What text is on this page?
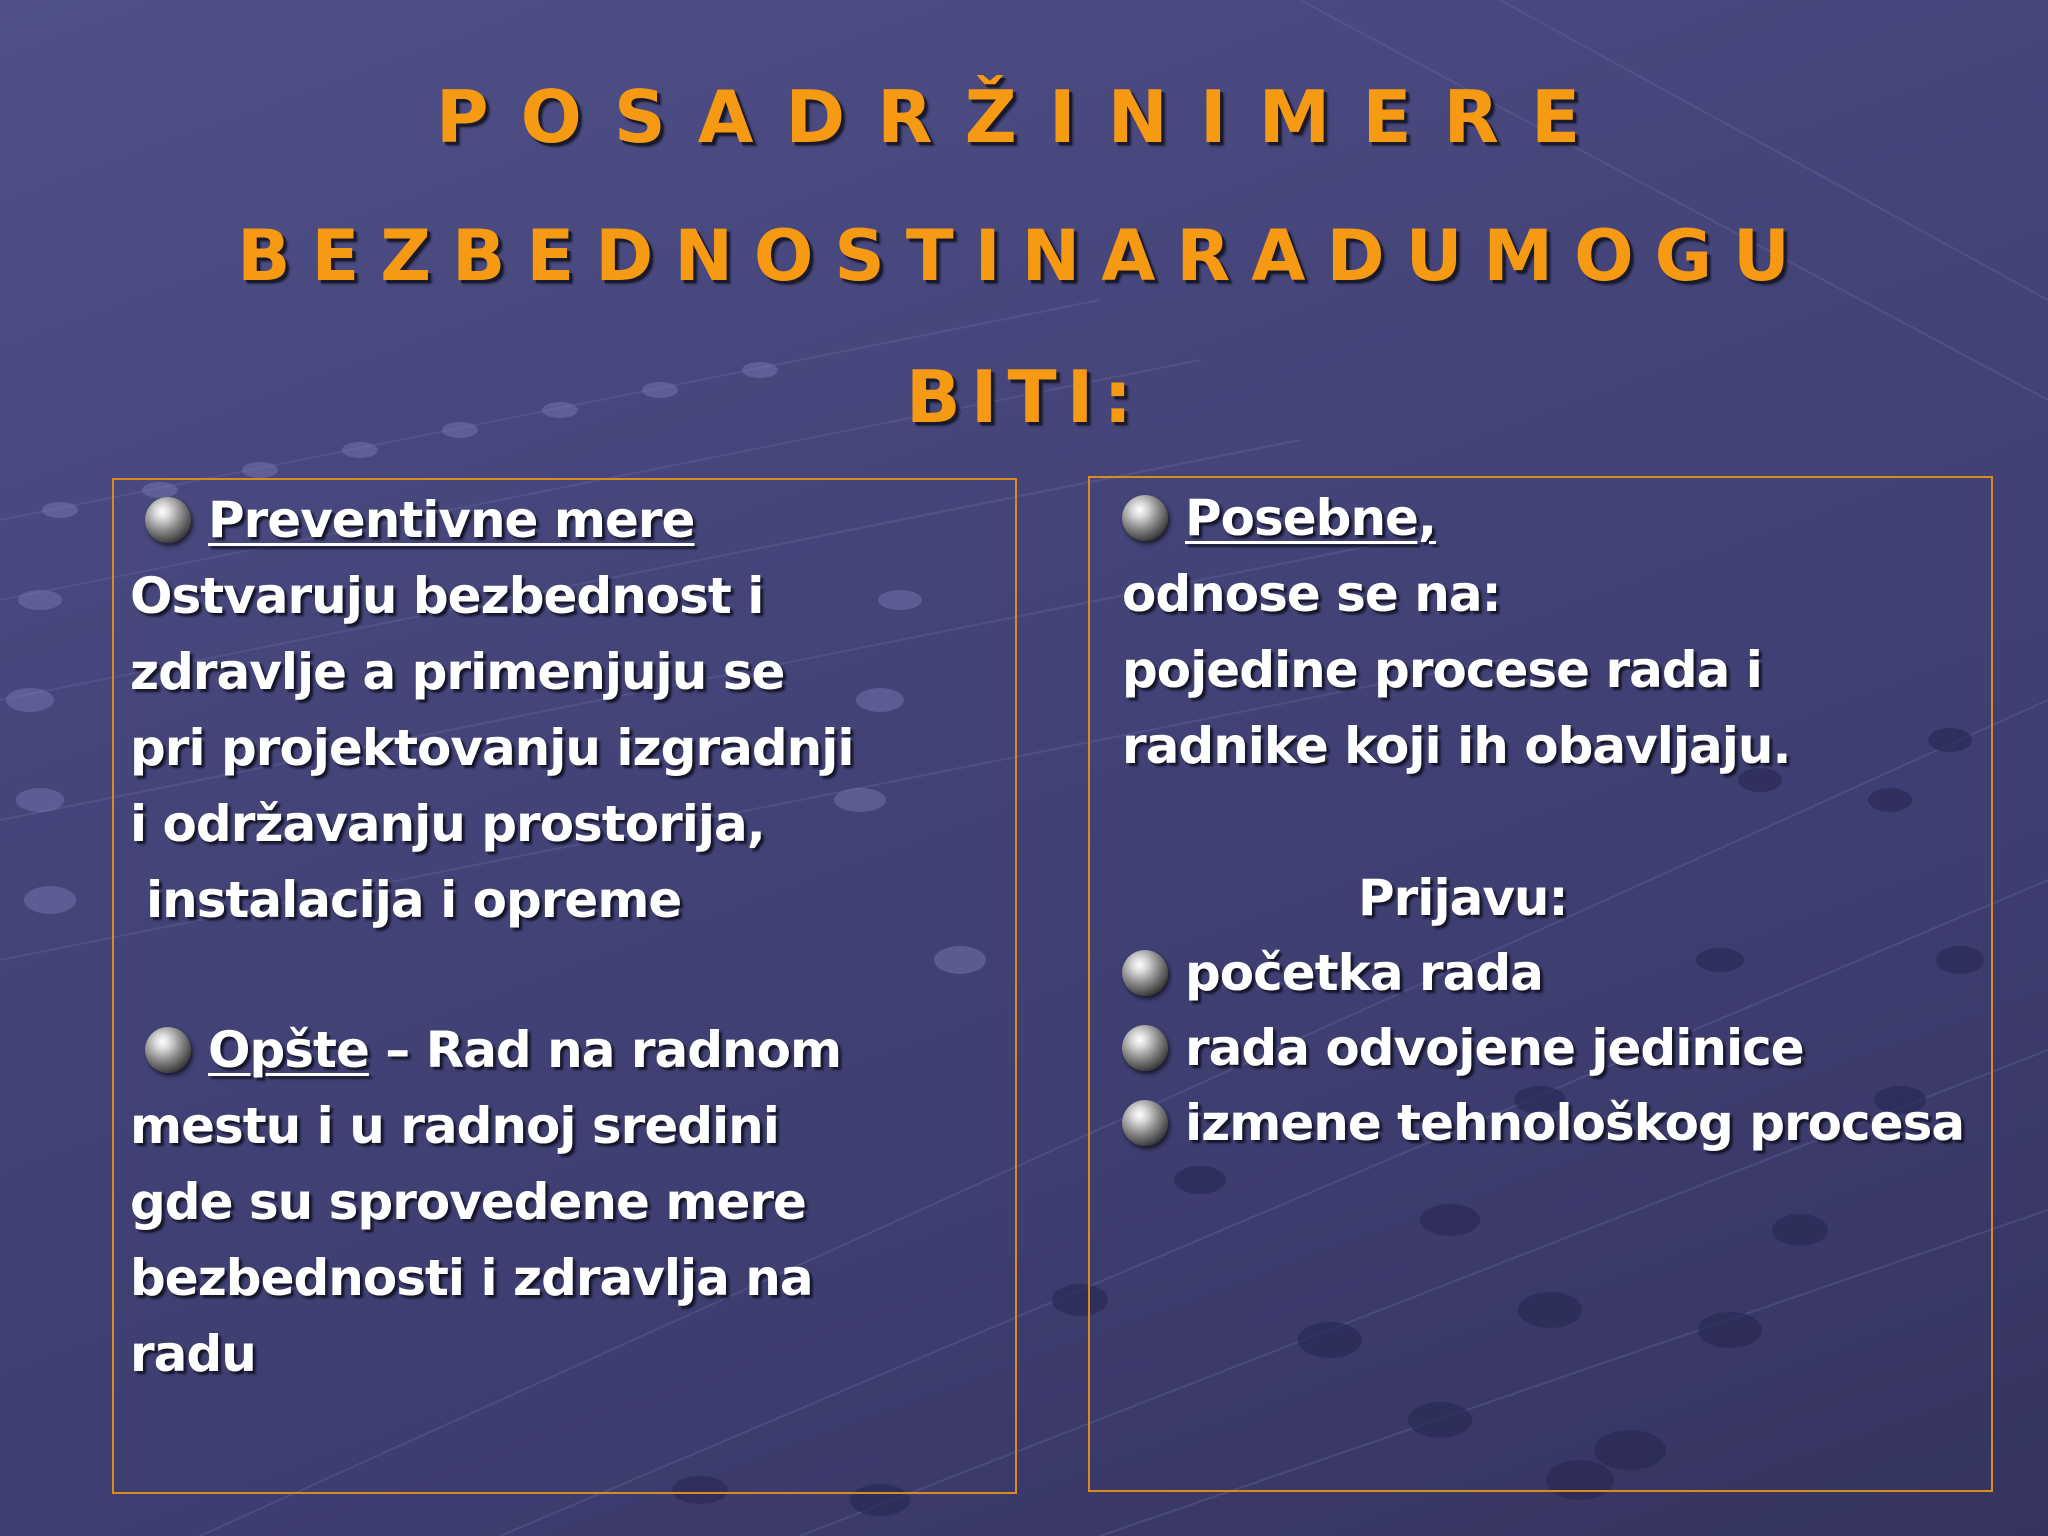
POSADRŽINIMERE
BEZBEDNOSTINARADUMOGU
BITI:
Preventivne mere
Ostvaruju bezbednost i
zdravlje a primenjuju se
pri projektovanju izgradnji
i održavanju prostorija,
instalacija i opreme
Opšte – Rad na radnom
mestu i u radnoj sredini
gde su sprovedene mere
bezbednosti i zdravlja na
radu
Posebne,
odnose se na:
pojedine procese rada i
radnike koji ih obavljaju.
Prijavu:
početka rada
rada odvojene jedinice
izmene tehnološkog procesa
